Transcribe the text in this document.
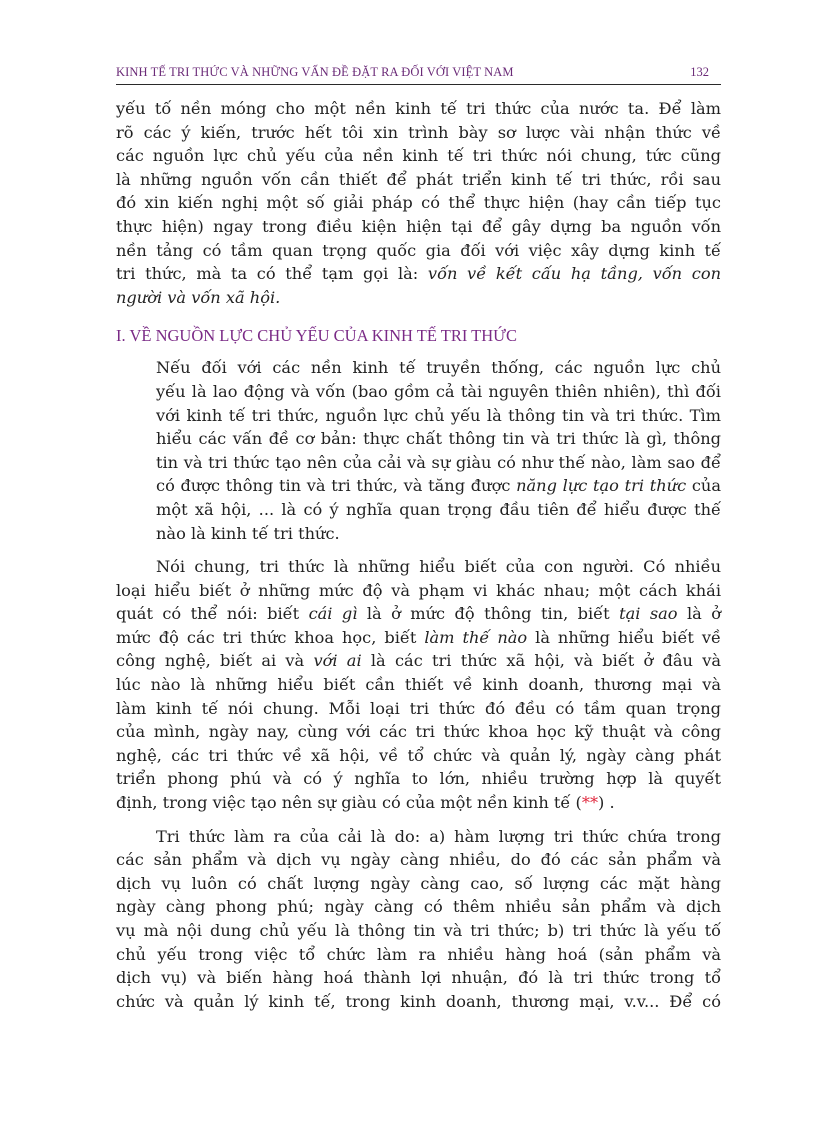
KINH TẾ TRI THỨC VÀ NHỮNG VẤN ĐỀ ĐẶT RA ĐỐI VỚI VIỆT NAM	132

yếu tố nền móng cho một nền kinh tế tri thức của nước ta. Để làm
rõ các ý kiến, trước hết tôi xin trình bày sơ lược vài nhận thức về
các nguồn lực chủ yếu của nền kinh tế tri thức nói chung, tức cũng
là những nguồn vốn cần thiết để phát triển kinh tế tri thức, rồi sau
đó xin kiến nghị một số giải pháp có thể thực hiện (hay cần tiếp tục
thực hiện) ngay trong điều kiện hiện tại để gây dựng ba nguồn vốn
nền tảng có tầm quan trọng quốc gia đối với việc xây dựng kinh tế
tri thức, mà ta có thể tạm gọi là: vốn về kết cấu hạ tầng, vốn con
người và vốn xã hội.

I. VỀ NGUỒN LỰC CHỦ YẾU CỦA KINH TẾ TRI THỨC

Nếu đối với các nền kinh tế truyền thống, các nguồn lực chủ
yếu là lao động và vốn (bao gồm cả tài nguyên thiên nhiên), thì đối
với kinh tế tri thức, nguồn lực chủ yếu là thông tin và tri thức. Tìm
hiểu các vấn đề cơ bản: thực chất thông tin và tri thức là gì, thông
tin và tri thức tạo nên của cải và sự giàu có như thế nào, làm sao để
có được thông tin và tri thức, và tăng được năng lực tạo tri thức của
một xã hội, ... là có ý nghĩa quan trọng đầu tiên để hiểu được thế
nào là kinh tế tri thức.

Nói chung, tri thức là những hiểu biết của con người. Có nhiều
loại hiểu biết ở những mức độ và phạm vi khác nhau; một cách khái
quát có thể nói: biết cái gì là ở mức độ thông tin, biết tại sao là ở
mức độ các tri thức khoa học, biết làm thế nào là những hiểu biết về
công nghệ, biết ai và với ai là các tri thức xã hội, và biết ở đâu và
lúc nào là những hiểu biết cần thiết về kinh doanh, thương mại và
làm kinh tế nói chung. Mỗi loại tri thức đó đều có tầm quan trọng
của mình, ngày nay, cùng với các tri thức khoa học kỹ thuật và công
nghệ, các tri thức về xã hội, về tổ chức và quản lý, ngày càng phát
triển phong phú và có ý nghĩa to lớn, nhiều trường hợp là quyết
định, trong việc tạo nên sự giàu có của một nền kinh tế (**) .

Tri thức làm ra của cải là do: a) hàm lượng tri thức chứa trong
các sản phẩm và dịch vụ ngày càng nhiều, do đó các sản phẩm và
dịch vụ luôn có chất lượng ngày càng cao, số lượng các mặt hàng
ngày càng phong phú; ngày càng có thêm nhiều sản phẩm và dịch
vụ mà nội dung chủ yếu là thông tin và tri thức; b) tri thức là yếu tố
chủ yếu trong việc tổ chức làm ra nhiều hàng hoá (sản phẩm và
dịch vụ) và biến hàng hoá thành lợi nhuận, đó là tri thức trong tổ
chức và quản lý kinh tế, trong kinh doanh, thương mại, v.v... Để có
